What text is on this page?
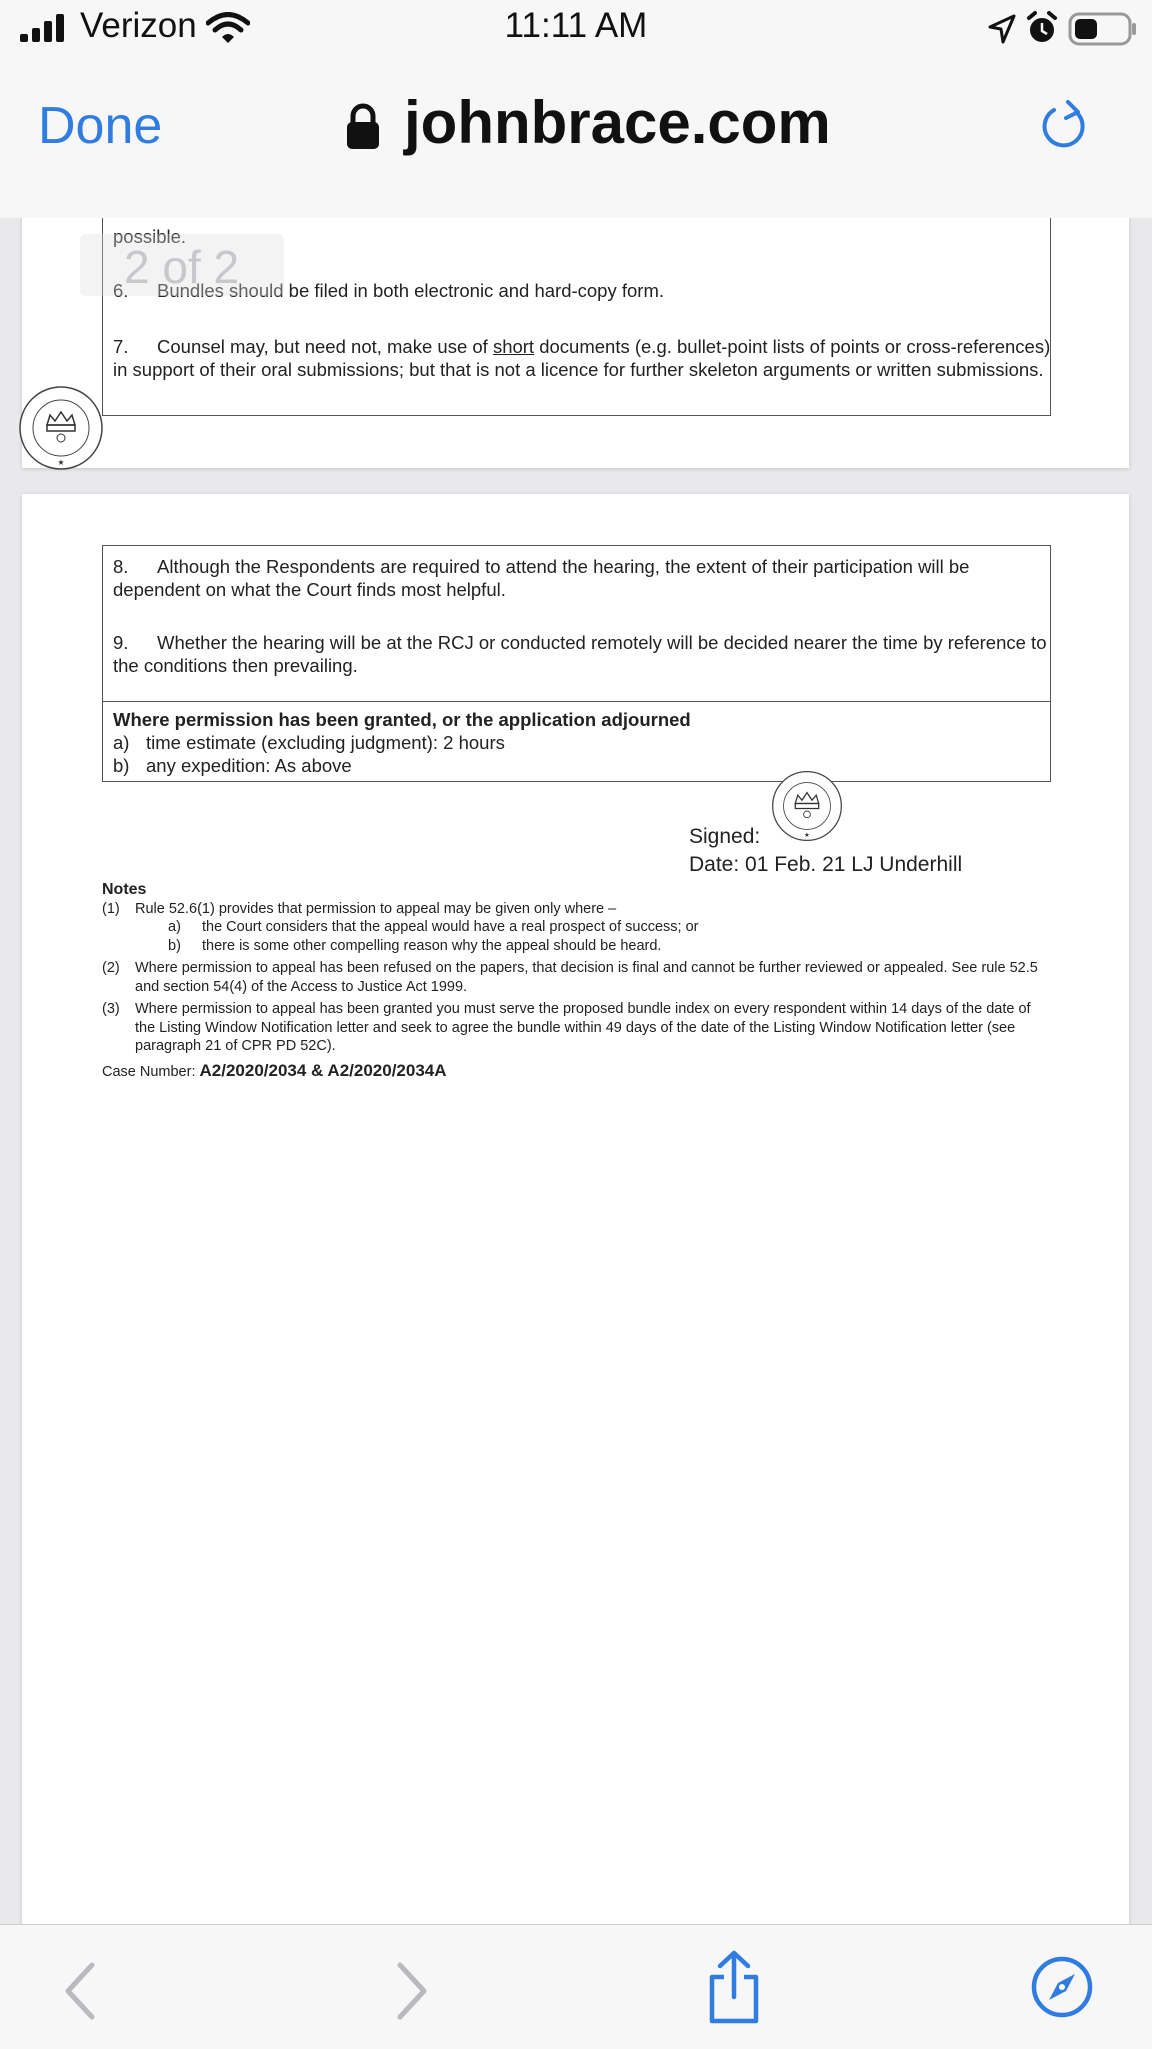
Verizon	11:11 AM
Done	johnbrace.com
possible.
6. Bundles should be filed in both electronic and hard-copy form.
7. Counsel may, but need not, make use of short documents (e.g. bullet-point lists of points or cross-references)
in support of their oral submissions; but that is not a licence for further skeleton arguments or written submissions.
★
2 of 2
8. Although the Respondents are required to attend the hearing, the extent of their participation will be
dependent on what the Court finds most helpful.
9. Whether the hearing will be at the RCJ or conducted remotely will be decided nearer the time by reference to
the conditions then prevailing.
Where permission has been granted, or the application adjourned
a) time estimate (excluding judgment): 2 hours
b) any expedition: As above
★
Signed:
Date: 01 Feb. 21 LJ Underhill
Notes
(1)	Rule 52.6(1) provides that permission to appeal may be given only where –
a)	the Court considers that the appeal would have a real prospect of success; or
b)	there is some other compelling reason why the appeal should be heard.
(2)	Where permission to appeal has been refused on the papers, that decision is final and cannot be further reviewed or appealed. See rule 52.5
and section 54(4) of the Access to Justice Act 1999.
(3)	Where permission to appeal has been granted you must serve the proposed bundle index on every respondent within 14 days of the date of
the Listing Window Notification letter and seek to agree the bundle within 49 days of the date of the Listing Window Notification letter (see
paragraph 21 of CPR PD 52C).
Case Number: A2/2020/2034 & A2/2020/2034A
